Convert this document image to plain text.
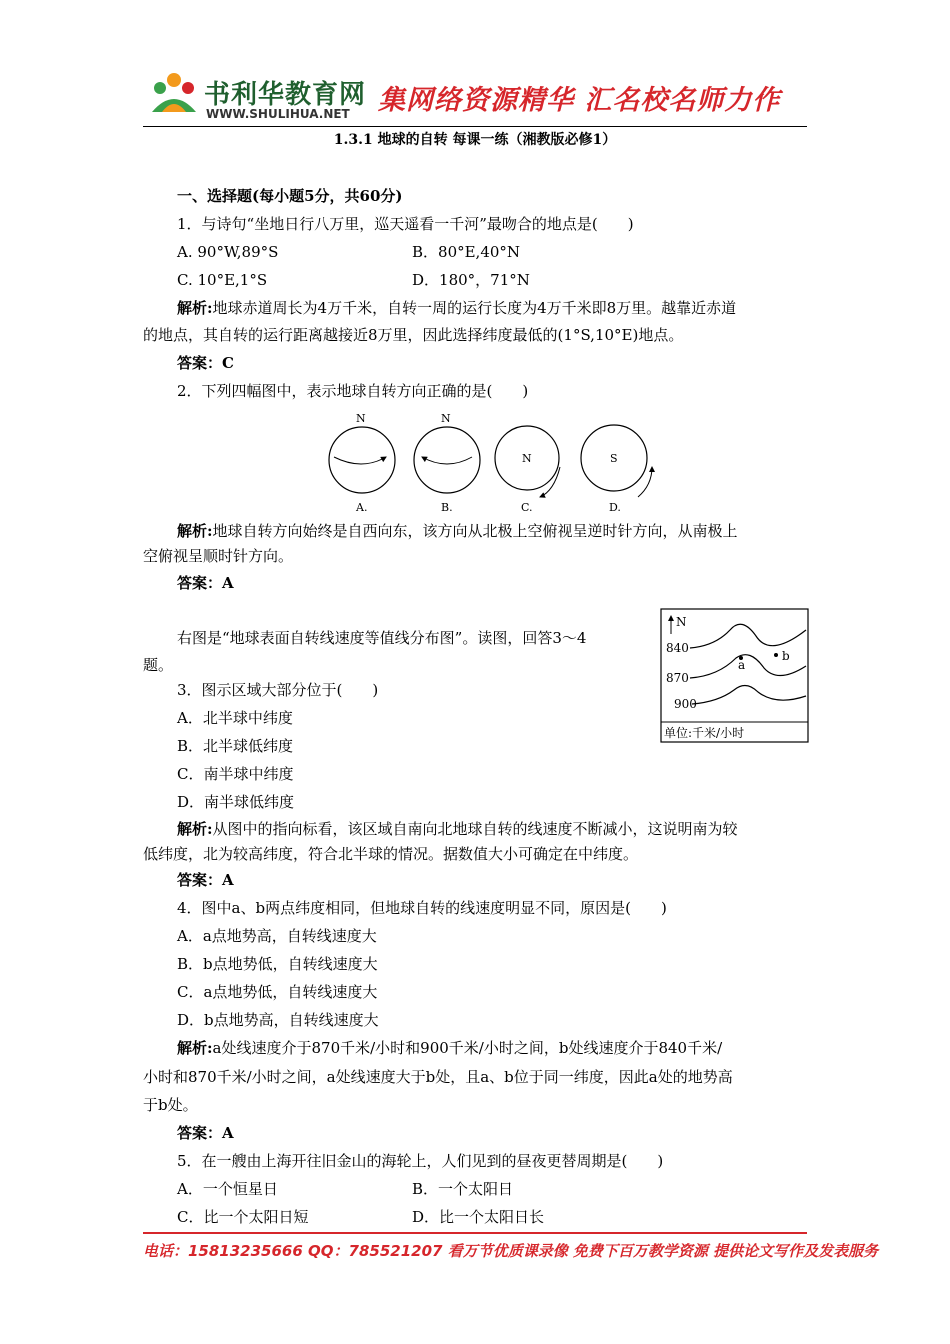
书利华教育网
WWW.SHULIHUA.NET 集网络资源精华 汇名校名师力作
1.3.1 地球的自转 每课一练（湘教版必修1）
一、选择题(每小题5分，共60分)
1．与诗句“坐地日行八万里，巡天遥看一千河”最吻合的地点是(　　)
A. 90°W,89°S	B．80°E,40°N
C. 10°E,1°S	D．180°，71°N
解析:地球赤道周长为4万千米，自转一周的运行长度为4万千米即8万里。越靠近赤道
的地点，其自转的运行距离越接近8万里，因此选择纬度最低的(1°S,10°E)地点。
答案：C
2．下列四幅图中，表示地球自转方向正确的是(　　)
N
A.
N
B.
N
C.
S
D.
解析:地球自转方向始终是自西向东，该方向从北极上空俯视呈逆时针方向，从南极上
空俯视呈顺时针方向。
答案：A
右图是“地球表面自转线速度等值线分布图”。读图，回答3～4
题。
N
840
870
900
a
b
单位:千米/小时
3．图示区域大部分位于(　　)
A．北半球中纬度
B．北半球低纬度
C．南半球中纬度
D．南半球低纬度
解析:从图中的指向标看，该区域自南向北地球自转的线速度不断减小，这说明南为较
低纬度，北为较高纬度，符合北半球的情况。据数值大小可确定在中纬度。
答案：A
4．图中a、b两点纬度相同，但地球自转的线速度明显不同，原因是(　　)
A．a点地势高，自转线速度大
B．b点地势低，自转线速度大
C．a点地势低，自转线速度大
D．b点地势高，自转线速度大
解析:a处线速度介于870千米/小时和900千米/小时之间，b处线速度介于840千米/
小时和870千米/小时之间，a处线速度大于b处，且a、b位于同一纬度，因此a处的地势高
于b处。
答案：A
5．在一艘由上海开往旧金山的海轮上，人们见到的昼夜更替周期是(　　)
A．一个恒星日	B．一个太阳日
C．比一个太阳日短	D．比一个太阳日长
电话：15813235666 QQ：785521207 看万节优质课录像 免费下百万教学资源 提供论文写作及发表服务
